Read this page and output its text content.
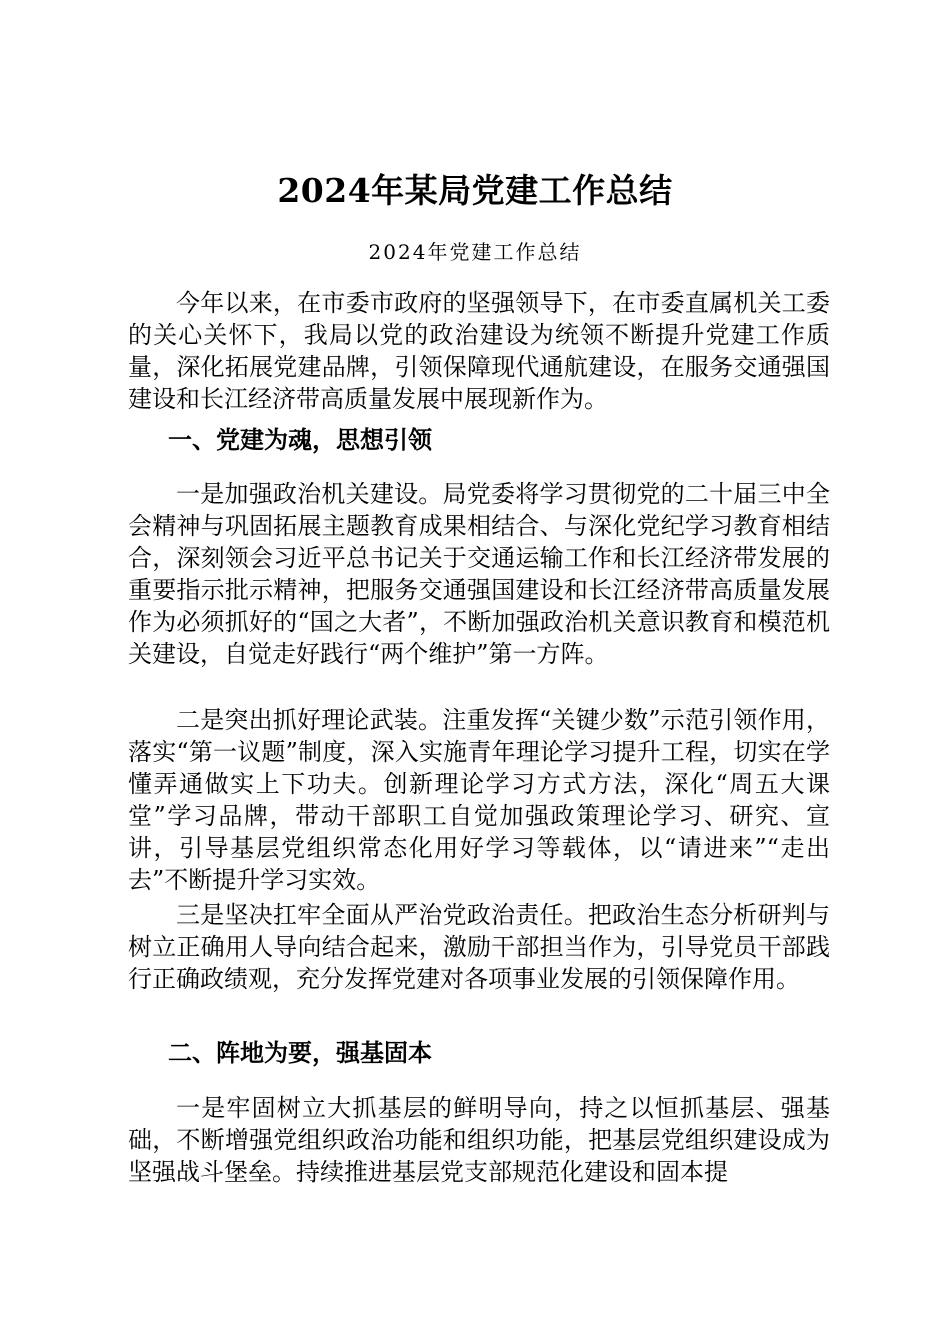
2024年某局党建工作总结
2024年党建工作总结

今年以来，在市委市政府的坚强领导下，在市委直属机关工委的关心关怀下，我局以党的政治建设为统领不断提升党建工作质量，深化拓展党建品牌，引领保障现代通航建设，在服务交通强国建设和长江经济带高质量发展中展现新作为。

一、党建为魂，思想引领

一是加强政治机关建设。局党委将学习贯彻党的二十届三中全会精神与巩固拓展主题教育成果相结合、与深化党纪学习教育相结合，深刻领会习近平总书记关于交通运输工作和长江经济带发展的重要指示批示精神，把服务交通强国建设和长江经济带高质量发展作为必须抓好的“国之大者”，不断加强政治机关意识教育和模范机关建设，自觉走好践行“两个维护”第一方阵。

二是突出抓好理论武装。注重发挥“关键少数”示范引领作用，落实“第一议题”制度，深入实施青年理论学习提升工程，切实在学懂弄通做实上下功夫。创新理论学习方式方法，深化“周五大课堂”学习品牌，带动干部职工自觉加强政策理论学习、研究、宣讲，引导基层党组织常态化用好学习等载体，以“请进来”“走出去”不断提升学习实效。

三是坚决扛牢全面从严治党政治责任。把政治生态分析研判与树立正确用人导向结合起来，激励干部担当作为，引导党员干部践行正确政绩观，充分发挥党建对各项事业发展的引领保障作用。

二、阵地为要，强基固本

一是牢固树立大抓基层的鲜明导向，持之以恒抓基层、强基础，不断增强党组织政治功能和组织功能，把基层党组织建设成为坚强战斗堡垒。持续推进基层党支部规范化建设和固本提
